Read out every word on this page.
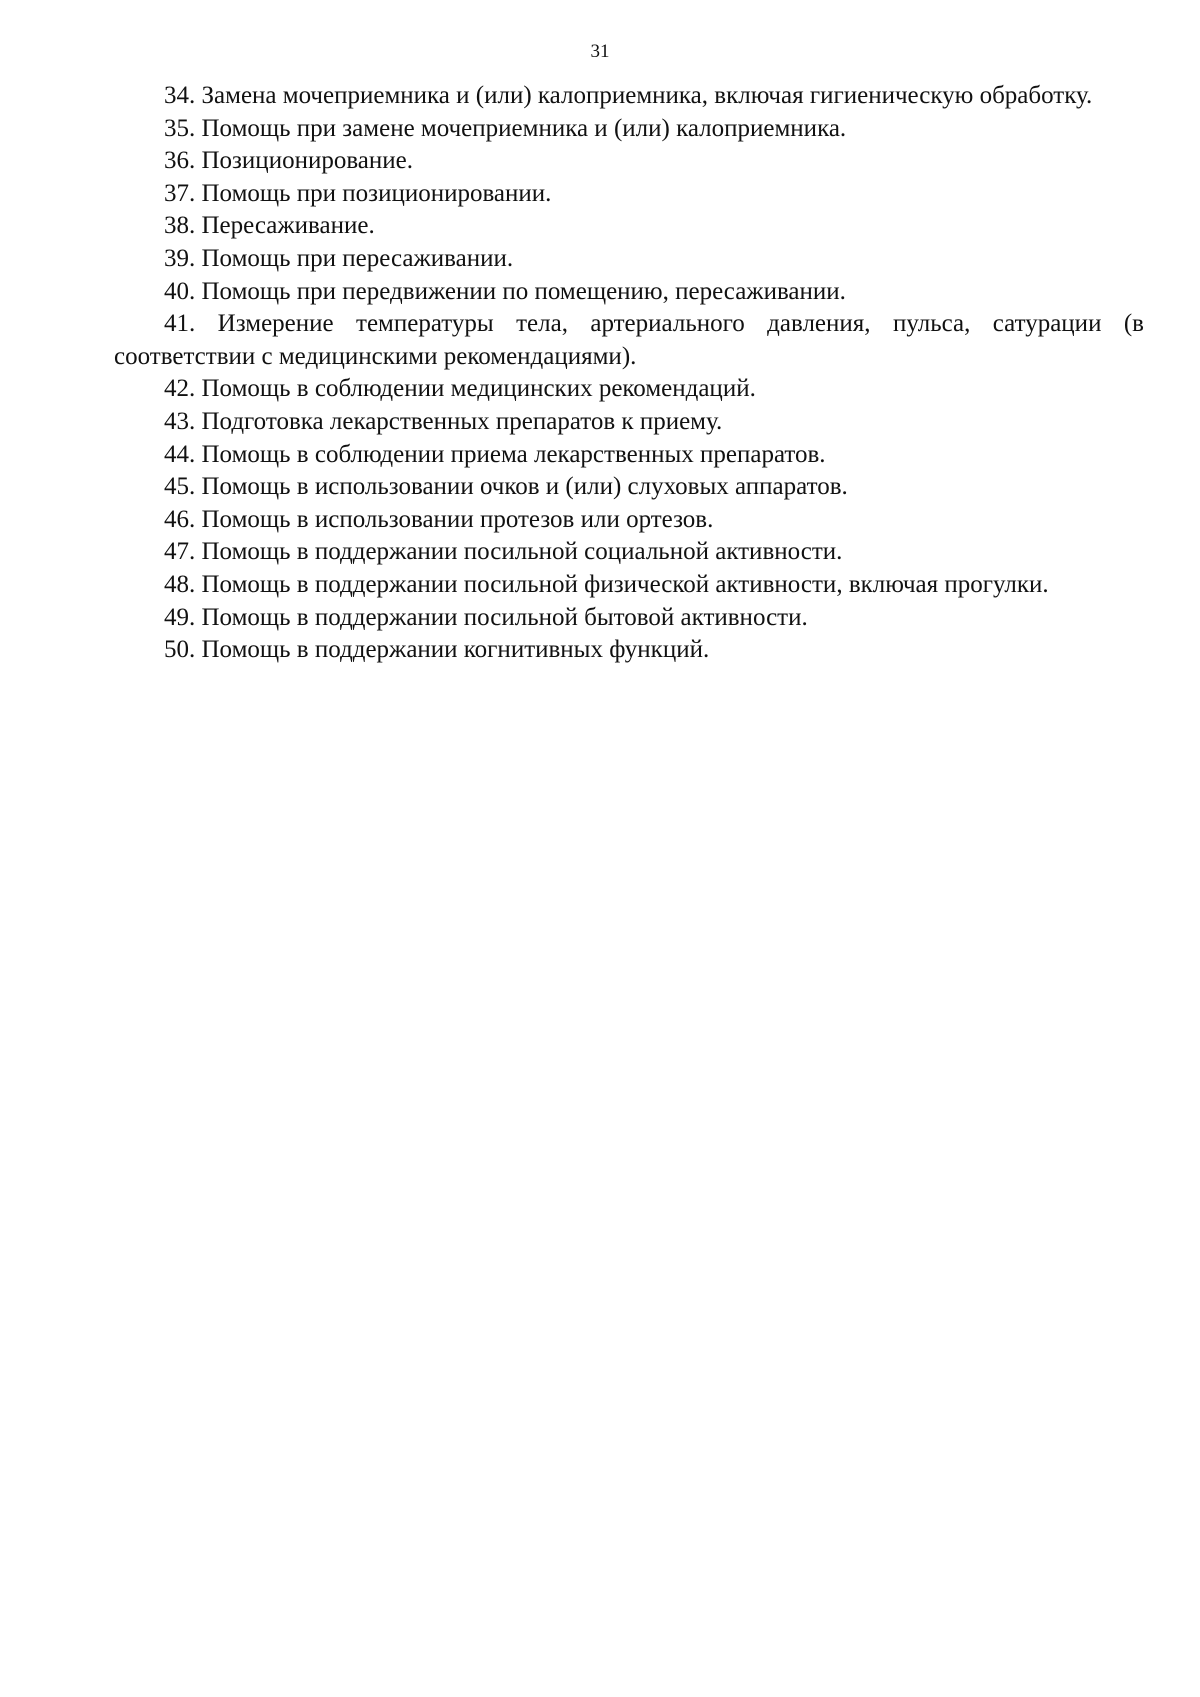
31

34. Замена мочеприемника и (или) калоприемника, включая гигиеническую обработку.

35. Помощь при замене мочеприемника и (или) калоприемника.

36. Позиционирование.

37. Помощь при позиционировании.

38. Пересаживание.

39. Помощь при пересаживании.

40. Помощь при передвижении по помещению, пересаживании.

41. Измерение температуры тела, артериального давления, пульса, сатурации (в соответствии с медицинскими рекомендациями).

42. Помощь в соблюдении медицинских рекомендаций.

43. Подготовка лекарственных препаратов к приему.

44. Помощь в соблюдении приема лекарственных препаратов.

45. Помощь в использовании очков и (или) слуховых аппаратов.

46. Помощь в использовании протезов или ортезов.

47. Помощь в поддержании посильной социальной активности.

48. Помощь в поддержании посильной физической активности, включая прогулки.

49. Помощь в поддержании посильной бытовой активности.

50. Помощь в поддержании когнитивных функций.
